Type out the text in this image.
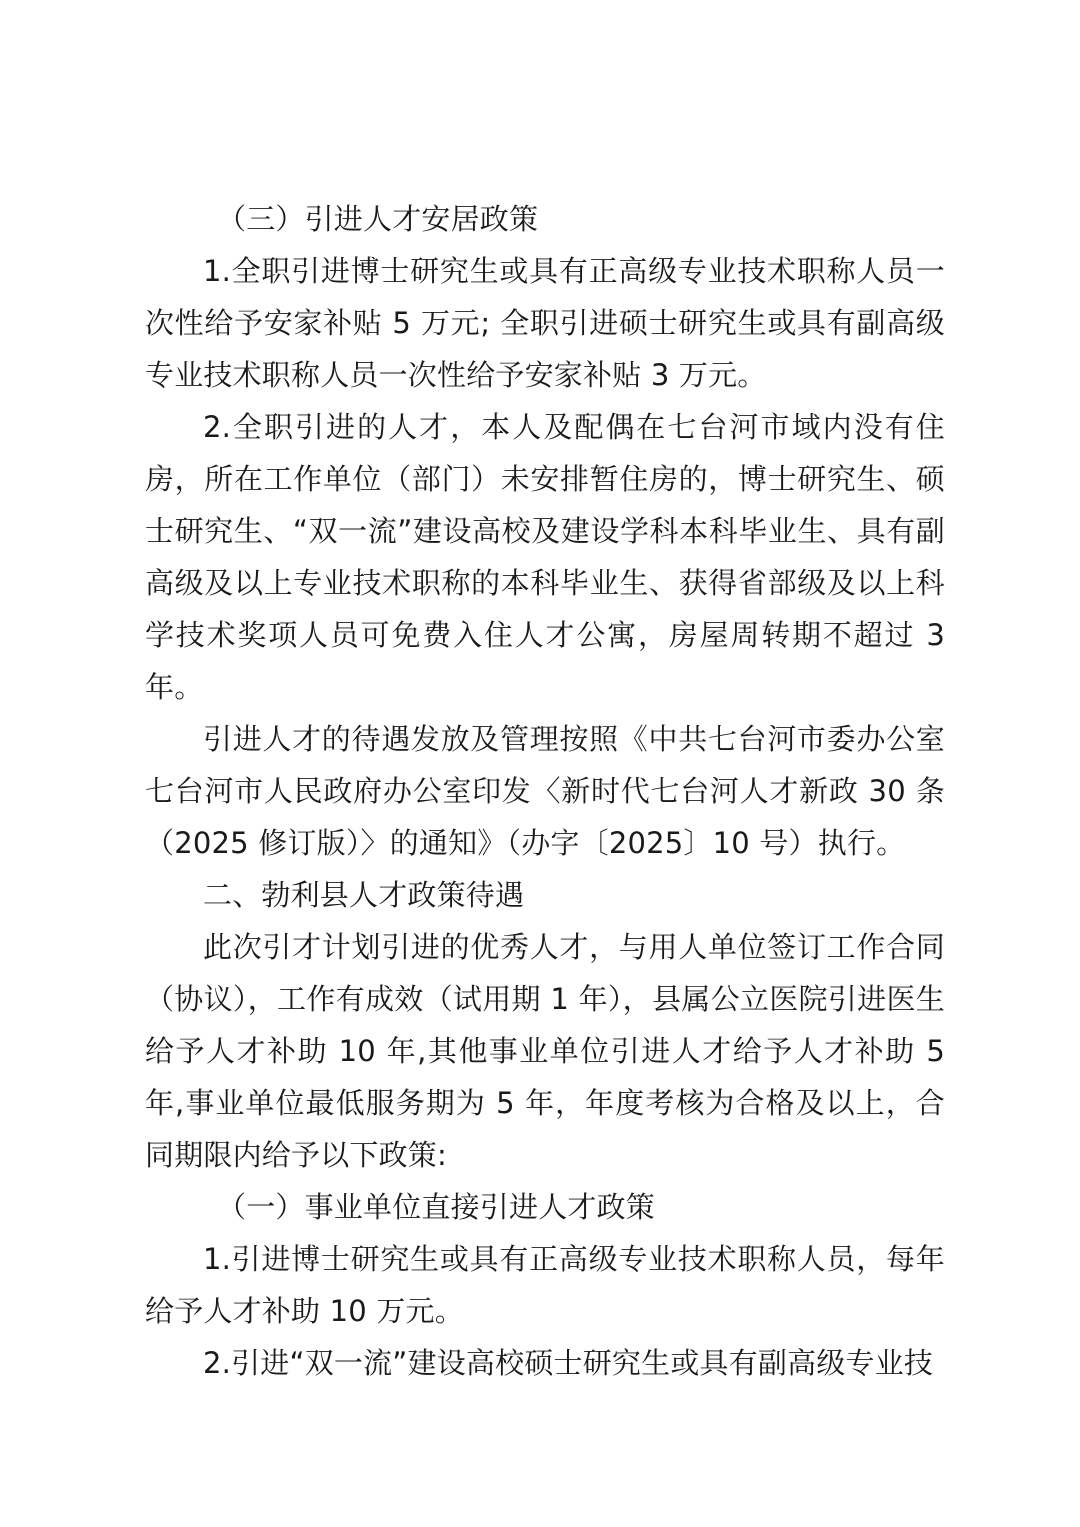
（三）引进人才安居政策

1.全职引进博士研究生或具有正高级专业技术职称人员一次性给予安家补贴 5 万元; 全职引进硕士研究生或具有副高级专业技术职称人员一次性给予安家补贴 3 万元。

2.全职引进的人才，本人及配偶在七台河市域内没有住房，所在工作单位（部门）未安排暂住房的，博士研究生、硕士研究生、“双一流”建设高校及建设学科本科毕业生、具有副高级及以上专业技术职称的本科毕业生、获得省部级及以上科学技术奖项人员可免费入住人才公寓，房屋周转期不超过 3 年。

引进人才的待遇发放及管理按照《中共七台河市委办公室七台河市人民政府办公室印发〈新时代七台河人才新政 30 条（2025 修订版）〉的通知》（办字〔2025〕10 号）执行。

二、勃利县人才政策待遇

此次引才计划引进的优秀人才，与用人单位签订工作合同（协议），工作有成效（试用期 1 年），县属公立医院引进医生给予人才补助 10 年,其他事业单位引进人才给予人才补助 5 年,事业单位最低服务期为 5 年，年度考核为合格及以上，合同期限内给予以下政策:

（一）事业单位直接引进人才政策

1.引进博士研究生或具有正高级专业技术职称人员，每年给予人才补助 10 万元。

2.引进“双一流”建设高校硕士研究生或具有副高级专业技
